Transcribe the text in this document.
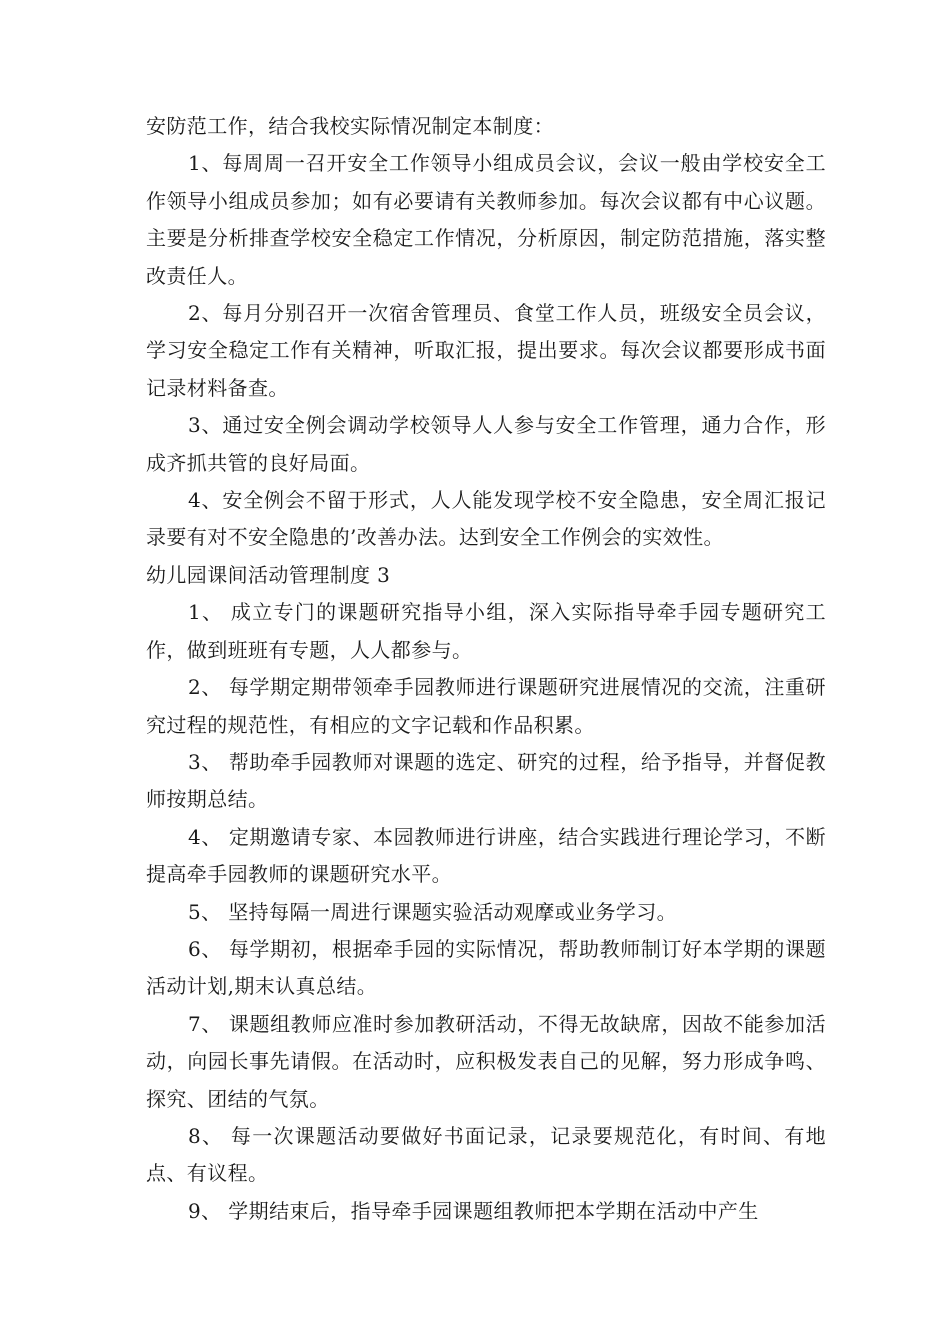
安防范工作，结合我校实际情况制定本制度：

1、每周周一召开安全工作领导小组成员会议，会议一般由学校安全工作领导小组成员参加；如有必要请有关教师参加。每次会议都有中心议题。主要是分析排查学校安全稳定工作情况，分析原因，制定防范措施，落实整改责任人。

2、每月分别召开一次宿舍管理员、食堂工作人员，班级安全员会议，学习安全稳定工作有关精神，听取汇报，提出要求。每次会议都要形成书面记录材料备查。

3、通过安全例会调动学校领导人人参与安全工作管理，通力合作，形成齐抓共管的良好局面。

4、安全例会不留于形式，人人能发现学校不安全隐患，安全周汇报记录要有对不安全隐患的’改善办法。达到安全工作例会的实效性。

幼儿园课间活动管理制度 3

1、 成立专门的课题研究指导小组，深入实际指导牵手园专题研究工作，做到班班有专题，人人都参与。

2、 每学期定期带领牵手园教师进行课题研究进展情况的交流，注重研究过程的规范性，有相应的文字记载和作品积累。

3、 帮助牵手园教师对课题的选定、研究的过程，给予指导，并督促教师按期总结。

4、 定期邀请专家、本园教师进行讲座，结合实践进行理论学习，不断提高牵手园教师的课题研究水平。

5、 坚持每隔一周进行课题实验活动观摩或业务学习。

6、 每学期初，根据牵手园的实际情况，帮助教师制订好本学期的课题活动计划,期末认真总结。

7、 课题组教师应准时参加教研活动，不得无故缺席，因故不能参加活动，向园长事先请假。在活动时，应积极发表自己的见解，努力形成争鸣、探究、团结的气氛。

8、 每一次课题活动要做好书面记录，记录要规范化，有时间、有地点、有议程。

9、 学期结束后，指导牵手园课题组教师把本学期在活动中产生
